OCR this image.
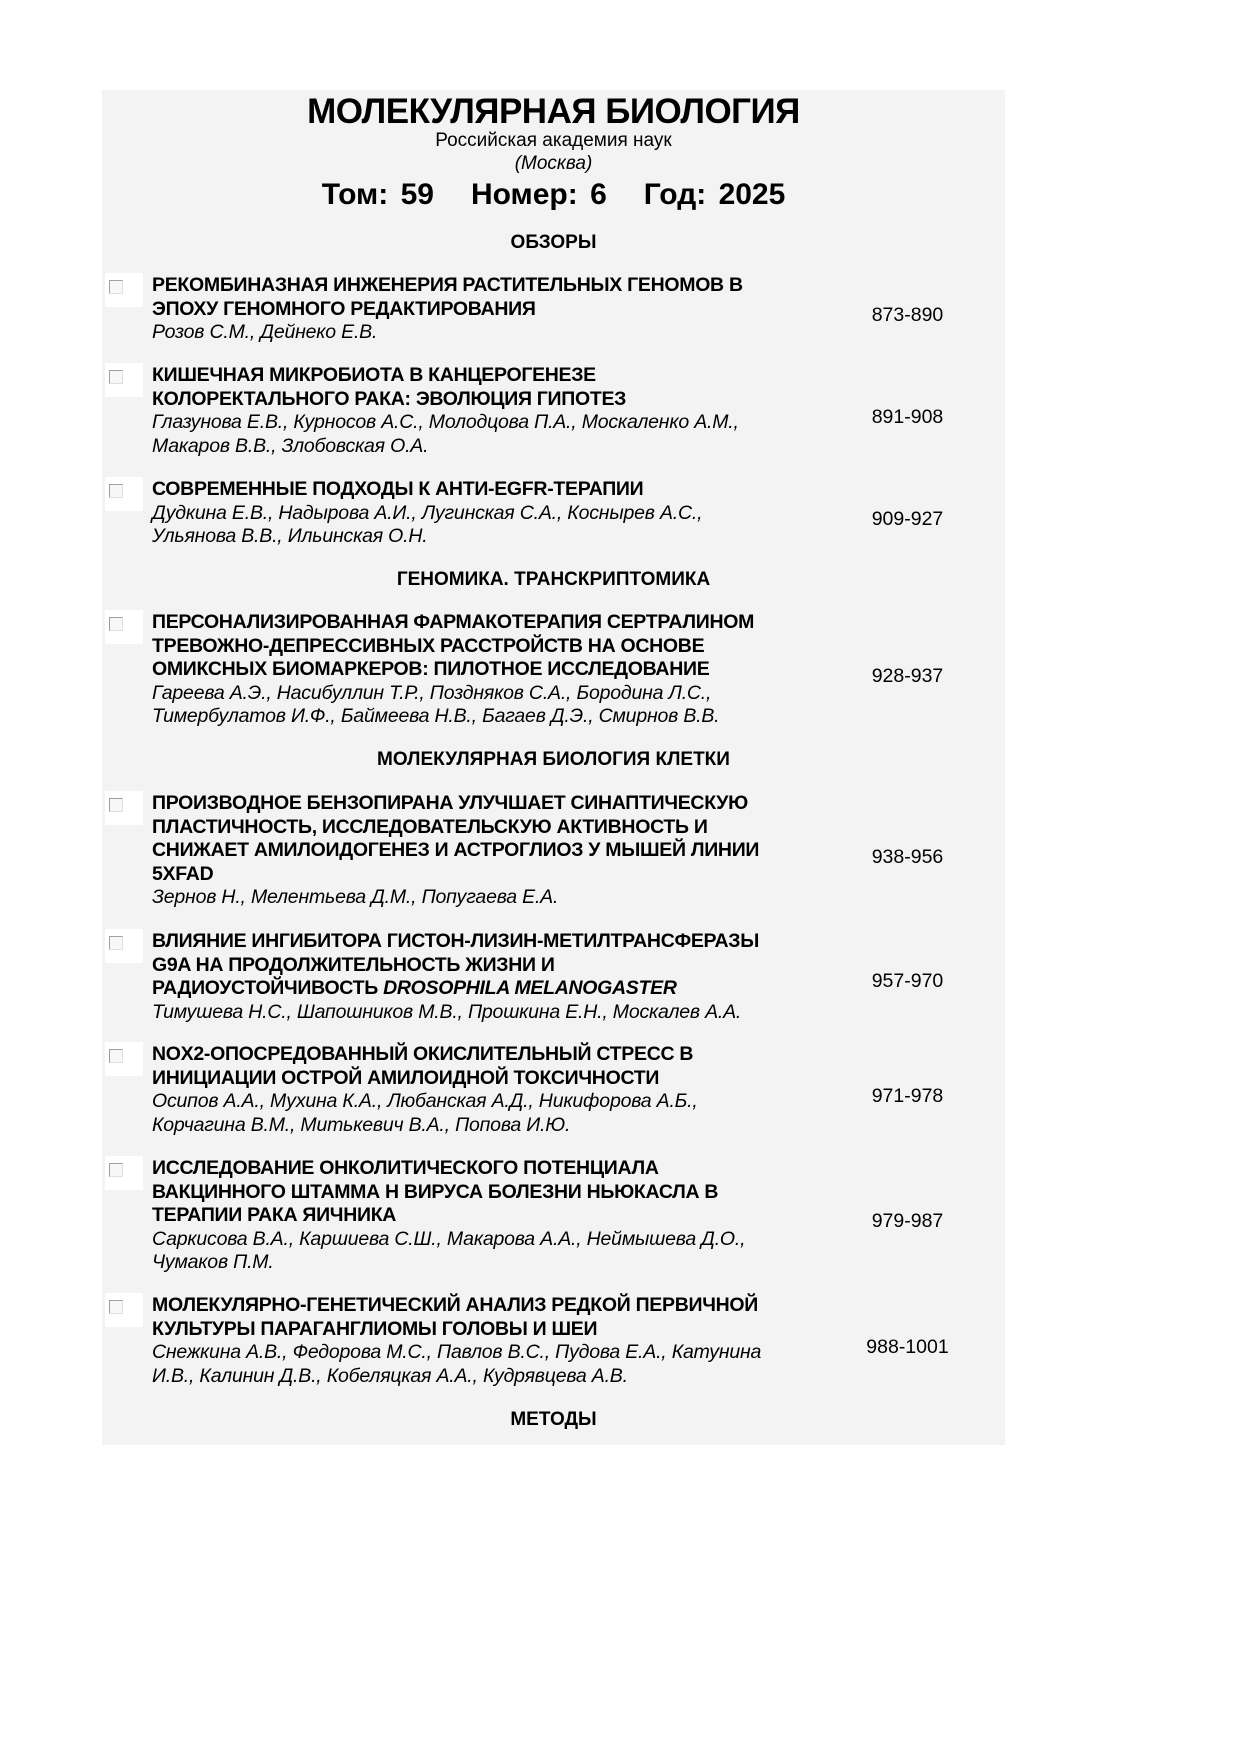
МОЛЕКУЛЯРНАЯ БИОЛОГИЯ
Российская академия наук
(Москва)
Том: 59   Номер: 6   Год: 2025
ОБЗОРЫ
ГЕНОМИКА. ТРАНСКРИПТОМИКА
МОЛЕКУЛЯРНАЯ БИОЛОГИЯ КЛЕТКИ
МЕТОДЫ
РЕКОМБИНАЗНАЯ ИНЖЕНЕРИЯ РАСТИТЕЛЬНЫХ ГЕНОМОВ В
ЭПОХУ ГЕНОМНОГО РЕДАКТИРОВАНИЯ
Розов С.М., Дейнеко Е.В.
873-890
КИШЕЧНАЯ МИКРОБИОТА В КАНЦЕРОГЕНЕЗЕ
КОЛОРЕКТАЛЬНОГО РАКА: ЭВОЛЮЦИЯ ГИПОТЕЗ
Глазунова Е.В., Курносов А.С., Молодцова П.А., Москаленко А.М.,
Макаров В.В., Злобовская О.А.
891-908
СОВРЕМЕННЫЕ ПОДХОДЫ К АНТИ-EGFR-ТЕРАПИИ
Дудкина Е.В., Надырова А.И., Лугинская С.А., Коснырев А.С.,
Ульянова В.В., Ильинская О.Н.
909-927
ПЕРСОНАЛИЗИРОВАННАЯ ФАРМАКОТЕРАПИЯ СЕРТРАЛИНОМ
ТРЕВОЖНО-ДЕПРЕССИВНЫХ РАССТРОЙСТВ НА ОСНОВЕ
ОМИКСНЫХ БИОМАРКЕРОВ: ПИЛОТНОЕ ИССЛЕДОВАНИЕ
Гареева А.Э., Насибуллин Т.Р., Поздняков С.А., Бородина Л.С.,
Тимербулатов И.Ф., Баймеева Н.В., Багаев Д.Э., Смирнов В.В.
928-937
ПРОИЗВОДНОЕ БЕНЗОПИРАНА УЛУЧШАЕТ СИНАПТИЧЕСКУЮ
ПЛАСТИЧНОСТЬ, ИССЛЕДОВАТЕЛЬСКУЮ АКТИВНОСТЬ И
СНИЖАЕТ АМИЛОИДОГЕНЕЗ И АСТРОГЛИОЗ У МЫШЕЙ ЛИНИИ
5XFAD
Зернов Н., Мелентьева Д.М., Попугаева Е.А.
938-956
ВЛИЯНИЕ ИНГИБИТОРА ГИСТОН-ЛИЗИН-МЕТИЛТРАНСФЕРАЗЫ
G9A НА ПРОДОЛЖИТЕЛЬНОСТЬ ЖИЗНИ И
РАДИОУСТОЙЧИВОСТЬ DROSOPHILA MELANOGASTER
Тимушева Н.С., Шапошников М.В., Прошкина Е.Н., Москалев А.А.
957-970
NOX2-ОПОСРЕДОВАННЫЙ ОКИСЛИТЕЛЬНЫЙ СТРЕСС В
ИНИЦИАЦИИ ОСТРОЙ АМИЛОИДНОЙ ТОКСИЧНОСТИ
Осипов А.А., Мухина К.А., Любанская А.Д., Никифорова А.Б.,
Корчагина В.М., Митькевич В.А., Попова И.Ю.
971-978
ИССЛЕДОВАНИЕ ОНКОЛИТИЧЕСКОГО ПОТЕНЦИАЛА
ВАКЦИННОГО ШТАММА Н ВИРУСА БОЛЕЗНИ НЬЮКАСЛА В
ТЕРАПИИ РАКА ЯИЧНИКА
Саркисова В.А., Каршиева С.Ш., Макарова А.А., Неймышева Д.О.,
Чумаков П.М.
979-987
МОЛЕКУЛЯРНО-ГЕНЕТИЧЕСКИЙ АНАЛИЗ РЕДКОЙ ПЕРВИЧНОЙ
КУЛЬТУРЫ ПАРАГАНГЛИОМЫ ГОЛОВЫ И ШЕИ
Снежкина А.В., Федорова М.С., Павлов В.С., Пудова Е.А., Катунина
И.В., Калинин Д.В., Кобеляцкая А.А., Кудрявцева А.В.
988-1001
